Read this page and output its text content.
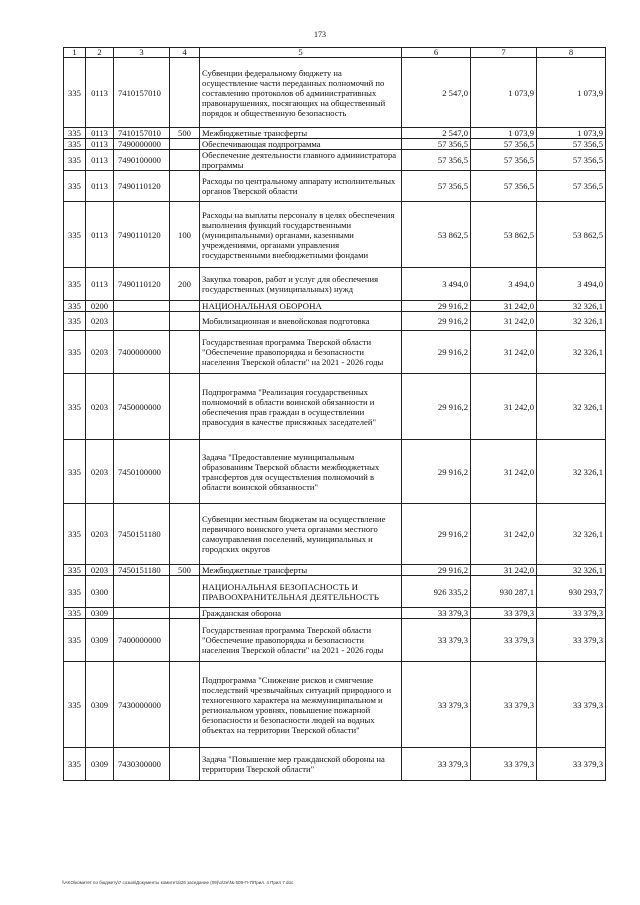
173
1	2	3	4	5	6	7	8
335	0113	7410157010		Субвенции федеральному бюджету на осуществление части переданных полномочий по составлению протоколов об административных правонарушениях, посягающих на общественный порядок и общественную безопасность	2 547,0	1 073,9	1 073,9
335	0113	7410157010	500	Межбюджетные трансферты	2 547,0	1 073,9	1 073,9
335	0113	7490000000		Обеспечивающая подпрограмма	57 356,5	57 356,5	57 356,5
335	0113	7490100000		Обеспечение деятельности главного администратора программы	57 356,5	57 356,5	57 356,5
335	0113	7490110120		Расходы по центральному аппарату исполнительных органов Тверской области	57 356,5	57 356,5	57 356,5
335	0113	7490110120	100	Расходы на выплаты персоналу в целях обеспечения выполнения функций государственными (муниципальными) органами, казенными учреждениями, органами управления государственными внебюджетными фондами	53 862,5	53 862,5	53 862,5
335	0113	7490110120	200	Закупка товаров, работ и услуг для обеспечения государственных (муниципальных) нужд	3 494,0	3 494,0	3 494,0
335	0200			НАЦИОНАЛЬНАЯ ОБОРОНА	29 916,2	31 242,0	32 326,1
335	0203			Мобилизационная и вневойсковая подготовка	29 916,2	31 242,0	32 326,1
335	0203	7400000000		Государственная программа Тверской области "Обеспечение правопорядка и безопасности населения Тверской области" на 2021 - 2026 годы	29 916,2	31 242,0	32 326,1
335	0203	7450000000		Подпрограмма "Реализация государственных полномочий в области воинской обязанности и обеспечения прав граждан в осуществлении правосудия в качестве присяжных заседателей"	29 916,2	31 242,0	32 326,1
335	0203	7450100000		Задача "Предоставление муниципальным образованиям Тверской области межбюджетных трансфертов для осуществления полномочий в области воинской обязанности"	29 916,2	31 242,0	32 326,1
335	0203	7450151180		Субвенции местным бюджетам на осуществление первичного воинского учета органами местного самоуправления поселений, муниципальных и городских округов	29 916,2	31 242,0	32 326,1
335	0203	7450151180	500	Межбюджетные трансферты	29 916,2	31 242,0	32 326,1
335	0300			НАЦИОНАЛЬНАЯ БЕЗОПАСНОСТЬ И ПРАВООХРАНИТЕЛЬНАЯ ДЕЯТЕЛЬНОСТЬ	926 335,2	930 287,1	930 293,7
335	0309			Гражданская оборона	33 379,3	33 379,3	33 379,3
335	0309	7400000000		Государственная программа Тверской области "Обеспечение правопорядка и безопасности населения Тверской области" на 2021 - 2026 годы	33 379,3	33 379,3	33 379,3
335	0309	7430000000		Подпрограмма "Снижение рисков и смягчение последствий чрезвычайных ситуаций природного и техногенного характера на межмуниципальном и региональном уровнях, повышение пожарной безопасности и безопасности людей на водных объектах на территории Тверской области"	33 379,3	33 379,3	33 379,3
335	0309	7430300000		Задача "Повышение мер гражданской обороны на территории Тверской области"	33 379,3	33 379,3	33 379,3
\\AKO\комитет по бюджету\7 созыв\Документы комитета\26 заседание (09)\о\2е\№ 509-П-7\Прил. 4 Прил 7.doc
